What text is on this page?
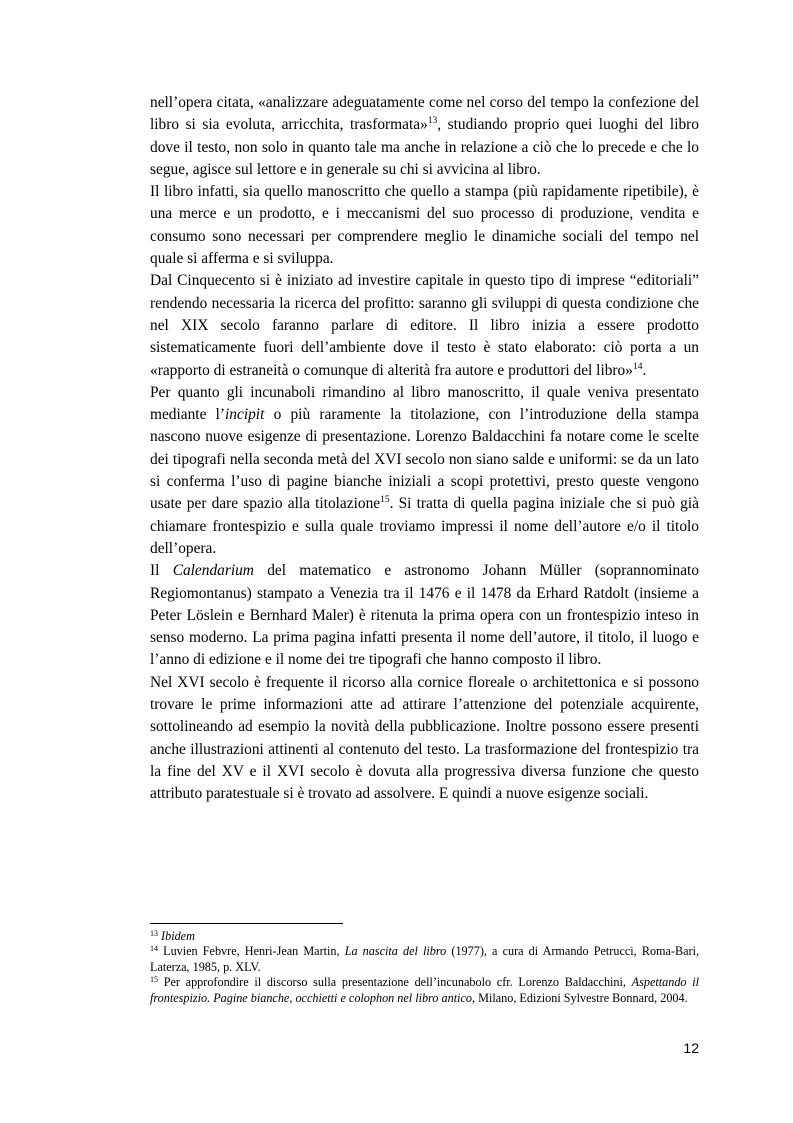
nell’opera citata, «analizzare adeguatamente come nel corso del tempo la confezione del libro si sia evoluta, arricchita, trasformata»$^{13}$, studiando proprio quei luoghi del libro dove il testo, non solo in quanto tale ma anche in relazione a ciò che lo precede e che lo segue, agisce sul lettore e in generale su chi si avvicina al libro.

Il libro infatti, sia quello manoscritto che quello a stampa (più rapidamente ripetibile), è una merce e un prodotto, e i meccanismi del suo processo di produzione, vendita e consumo sono necessari per comprendere meglio le dinamiche sociali del tempo nel quale si afferma e si sviluppa.

Dal Cinquecento si è iniziato ad investire capitale in questo tipo di imprese “editoriali” rendendo necessaria la ricerca del profitto: saranno gli sviluppi di questa condizione che nel XIX secolo faranno parlare di editore. Il libro inizia a essere prodotto sistematicamente fuori dell’ambiente dove il testo è stato elaborato: ciò porta a un «rapporto di estraneità o comunque di alterità fra autore e produttori del libro»$^{14}$.

Per quanto gli incunaboli rimandino al libro manoscritto, il quale veniva presentato mediante l’incipit o più raramente la titolazione, con l’introduzione della stampa nascono nuove esigenze di presentazione. Lorenzo Baldacchini fa notare come le scelte dei tipografi nella seconda metà del XVI secolo non siano salde e uniformi: se da un lato si conferma l’uso di pagine bianche iniziali a scopi protettivi, presto queste vengono usate per dare spazio alla titolazione$^{15}$. Si tratta di quella pagina iniziale che si può già chiamare frontespizio e sulla quale troviamo impressi il nome dell’autore e/o il titolo dell’opera.

Il Calendarium del matematico e astronomo Johann Müller (soprannominato Regiomontanus) stampato a Venezia tra il 1476 e il 1478 da Erhard Ratdolt (insieme a Peter Löslein e Bernhard Maler) è ritenuta la prima opera con un frontespizio inteso in senso moderno. La prima pagina infatti presenta il nome dell’autore, il titolo, il luogo e l’anno di edizione e il nome dei tre tipografi che hanno composto il libro.

Nel XVI secolo è frequente il ricorso alla cornice floreale o architettonica e si possono trovare le prime informazioni atte ad attirare l’attenzione del potenziale acquirente, sottolineando ad esempio la novità della pubblicazione. Inoltre possono essere presenti anche illustrazioni attinenti al contenuto del testo. La trasformazione del frontespizio tra la fine del XV e il XVI secolo è dovuta alla progressiva diversa funzione che questo attributo paratestuale si è trovato ad assolvere. E quindi a nuove esigenze sociali.

$^{13}$ Ibidem

$^{14}$ Luvien Febvre, Henri-Jean Martin, La nascita del libro (1977), a cura di Armando Petrucci, Roma-Bari, Laterza, 1985, p. XLV.

$^{15}$ Per approfondire il discorso sulla presentazione dell’incunabolo cfr. Lorenzo Baldacchini, Aspettando il frontespizio. Pagine bianche, occhietti e colophon nel libro antico, Milano, Edizioni Sylvestre Bonnard, 2004.

12
